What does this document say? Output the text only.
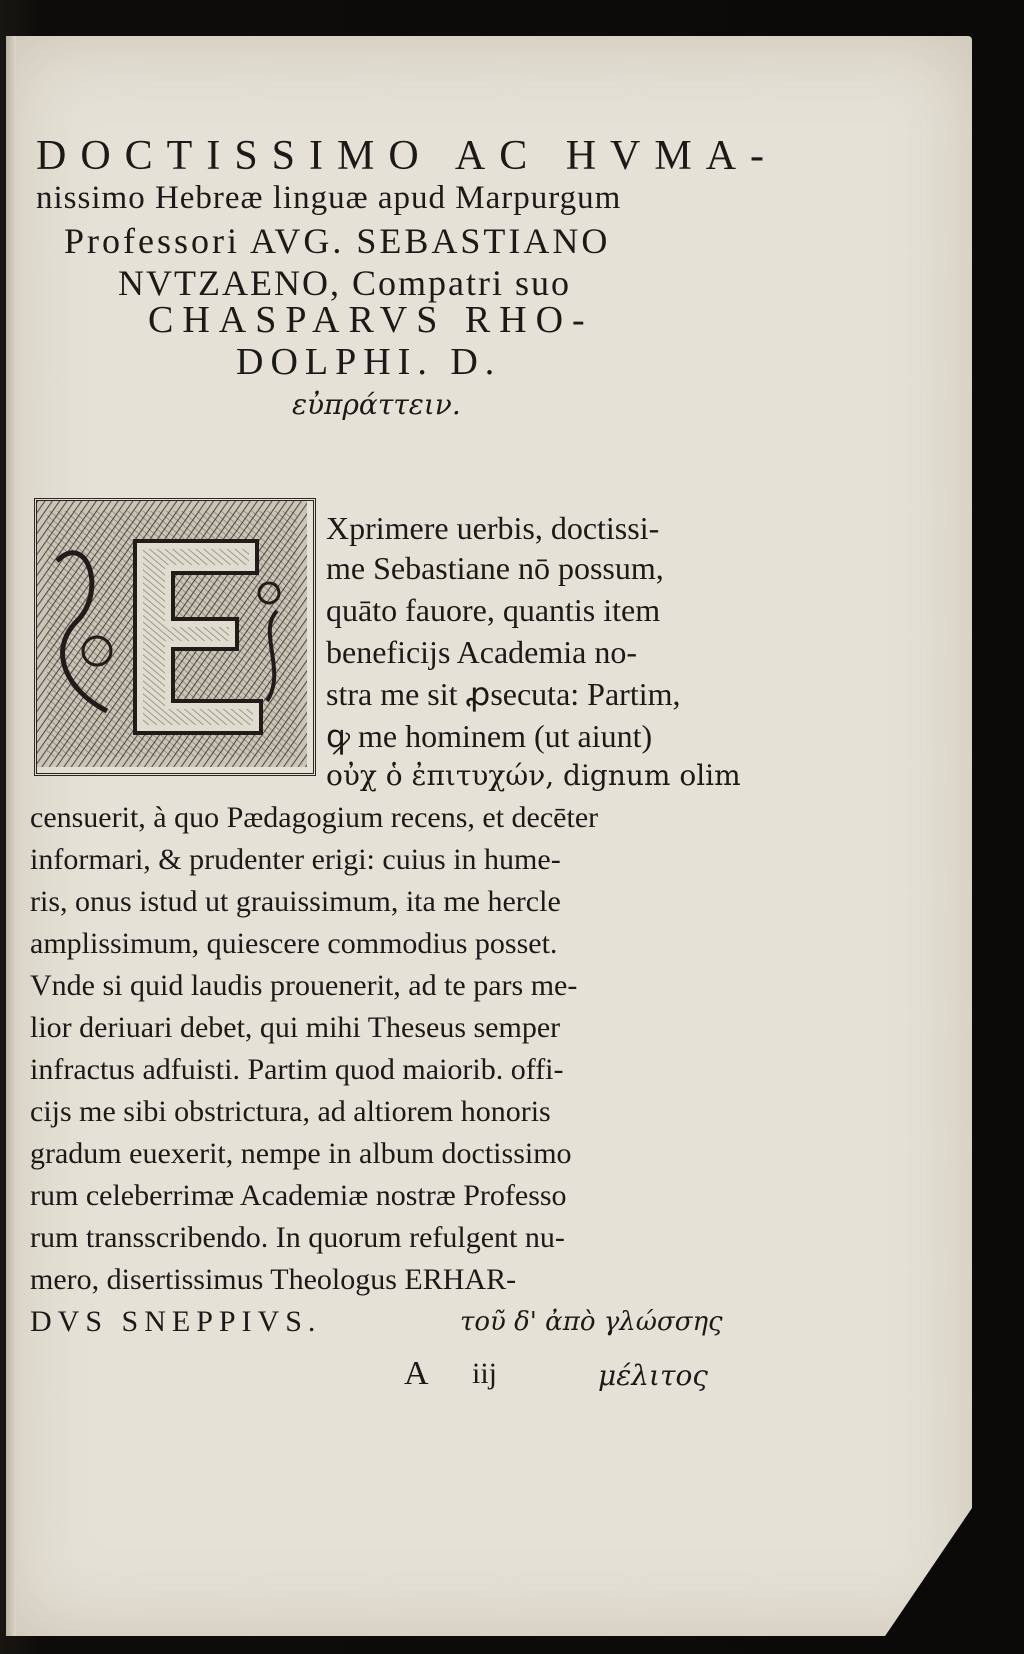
DOCTISSIMO AC HVMA-
nissimo Hebreæ linguæ apud Marpurgum
Professori AVG. SEBASTIANO
NVTZAENO, Compatri suo
CHASPARVS RHO-
DOLPHI. D.
εὐπράττειν.
Xprimere uerbis, doctissi-
me Sebastiane nō possum,
quāto fauore, quantis item
beneficijs Academia no-
stra me sit ꝓsecuta: Partim,
ꝙ me hominem (ut aiunt)
οὐχ ὁ ἐπιτυχών, dignum olim
censuerit, à quo Pædagogium recens, et decēter
informari, & prudenter erigi: cuius in hume-
ris, onus istud ut grauissimum, ita me hercle
amplissimum, quiescere commodius posset.
Vnde si quid laudis prouenerit, ad te pars me-
lior deriuari debet, qui mihi Theseus semper
infractus adfuisti. Partim quod maiorib. offi-
cijs me sibi obstrictura, ad altiorem honoris
gradum euexerit, nempe in album doctissimo
rum celeberrimæ Academiæ nostræ Professo
rum transscribendo. In quorum refulgent nu-
mero, disertissimus Theologus ERHAR-
DVS SNEPPIVS.	τοῦ δ' ἀπὸ γλώσσης
A iij	μέλιτος
